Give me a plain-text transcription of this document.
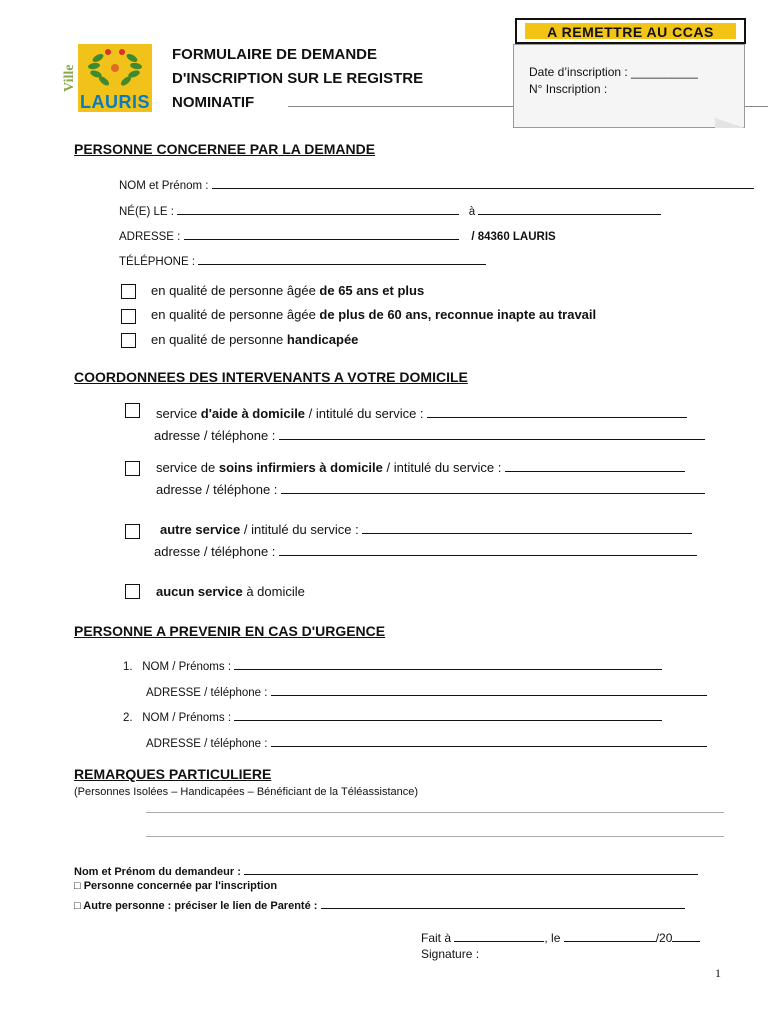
Ville
LAURIS
FORMULAIRE DE DEMANDE
D'INSCRIPTION SUR LE REGISTRE
NOMINATIF
Date d’inscription : __________
N° Inscription :
A REMETTRE AU CCAS
PERSONNE CONCERNEE PAR LA DEMANDE
NOM et Prénom :
NÉ(E) LE :	à
ADRESSE :	/ 84360 LAURIS
TÉLÉPHONE :
en qualité de personne âgée de 65 ans et plus
en qualité de personne âgée de plus de 60 ans, reconnue inapte au travail
en qualité de personne handicapée
COORDONNEES DES INTERVENANTS A VOTRE DOMICILE
service d'aide à domicile / intitulé du service :
adresse / téléphone :
service de soins infirmiers à domicile / intitulé du service :
adresse / téléphone :
autre service / intitulé du service :
adresse / téléphone :
aucun service à domicile
PERSONNE A PREVENIR EN CAS D'URGENCE
1. NOM / Prénoms :
ADRESSE / téléphone :
2. NOM / Prénoms :
ADRESSE / téléphone :
REMARQUES PARTICULIERE
(Personnes Isolées – Handicapées – Bénéficiant de la Téléassistance)
Nom et Prénom du demandeur :
□ Personne concernée par l'inscription
□ Autre personne : préciser le lien de Parenté :
Fait à	, le	/20
Signature :
1
